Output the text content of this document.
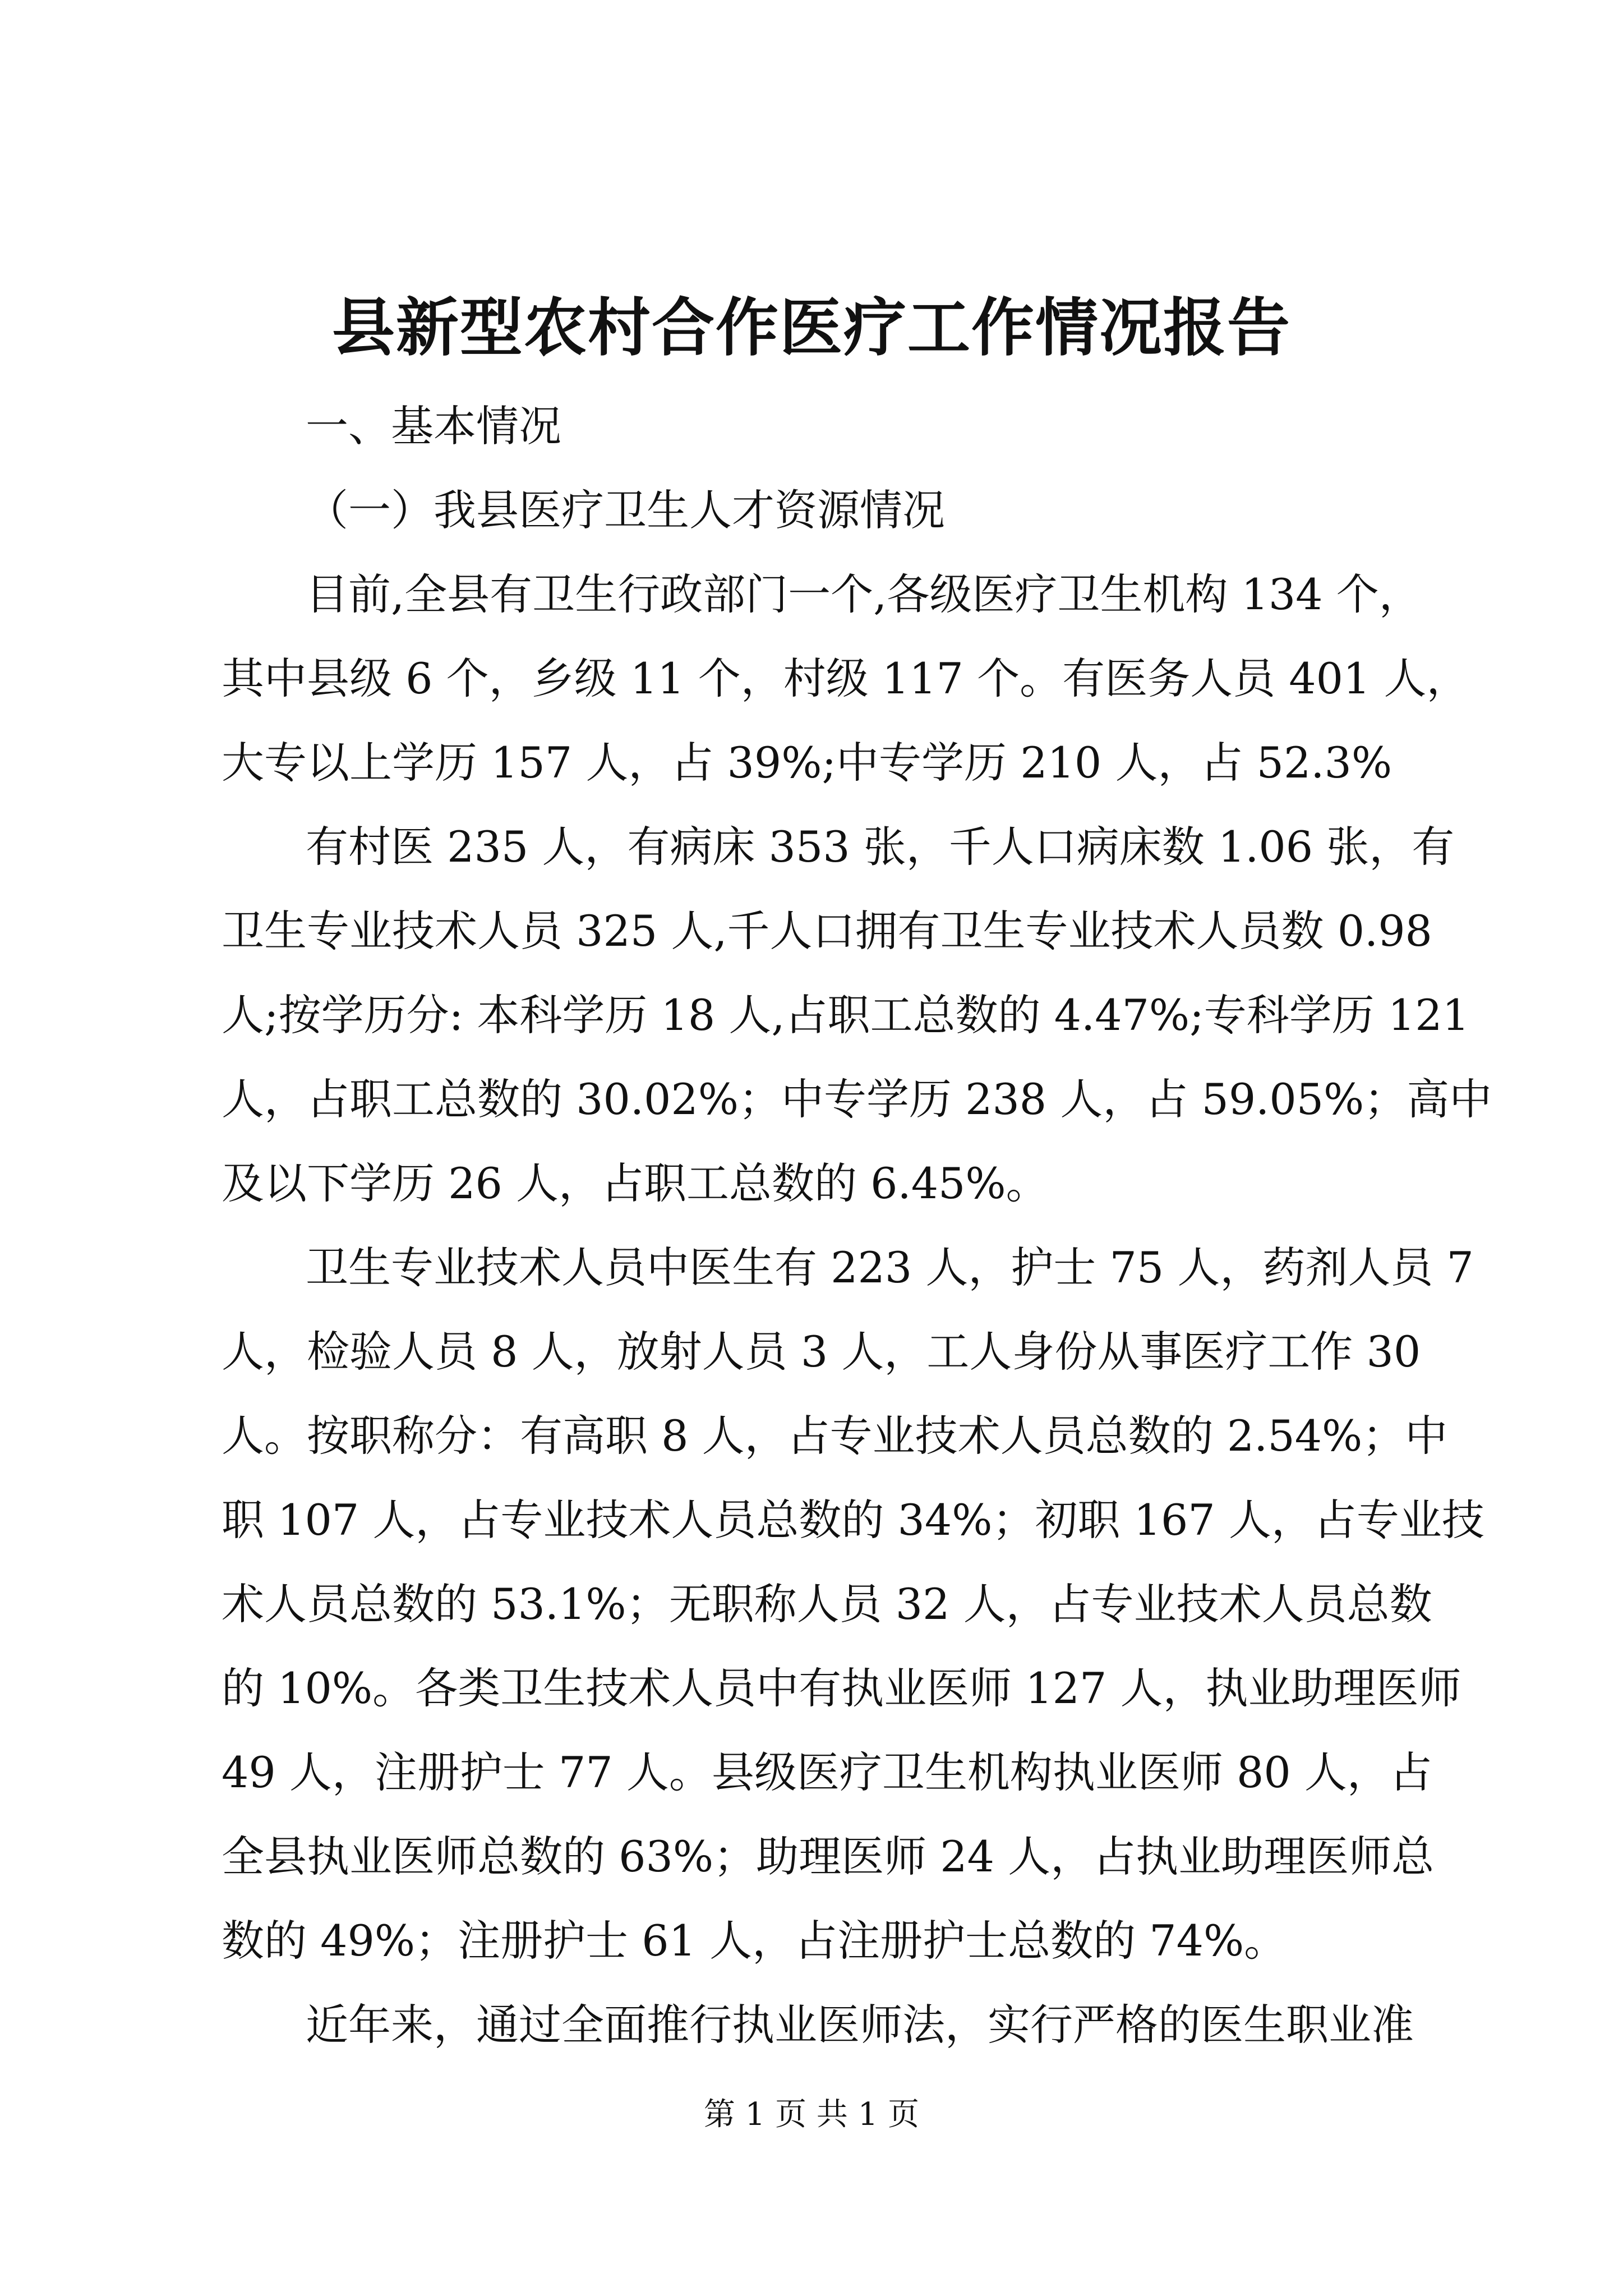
县新型农村合作医疗工作情况报告
一、基本情况
（一）我县医疗卫生人才资源情况
目前,全县有卫生行政部门一个,各级医疗卫生机构 134 个，
其中县级 6 个，乡级 11 个，村级 117 个。有医务人员 401 人，
大专以上学历 157 人，占 39%;中专学历 210 人，占 52.3%
有村医 235 人，有病床 353 张，千人口病床数 1.06 张，有
卫生专业技术人员 325 人,千人口拥有卫生专业技术人员数 0.98
人;按学历分: 本科学历 18 人,占职工总数的 4.47%;专科学历 121
人，占职工总数的 30.02%；中专学历 238 人，占 59.05%；高中
及以下学历 26 人，占职工总数的 6.45%。
卫生专业技术人员中医生有 223 人，护士 75 人，药剂人员 7
人，检验人员 8 人，放射人员 3 人，工人身份从事医疗工作 30
人。按职称分：有高职 8 人，占专业技术人员总数的 2.54%；中
职 107 人，占专业技术人员总数的 34%；初职 167 人，占专业技
术人员总数的 53.1%；无职称人员 32 人，占专业技术人员总数
的 10%。各类卫生技术人员中有执业医师 127 人，执业助理医师
49 人，注册护士 77 人。县级医疗卫生机构执业医师 80 人，占
全县执业医师总数的 63%；助理医师 24 人，占执业助理医师总
数的 49%；注册护士 61 人，占注册护士总数的 74%。
近年来，通过全面推行执业医师法，实行严格的医生职业准
第 1 页 共 1 页
